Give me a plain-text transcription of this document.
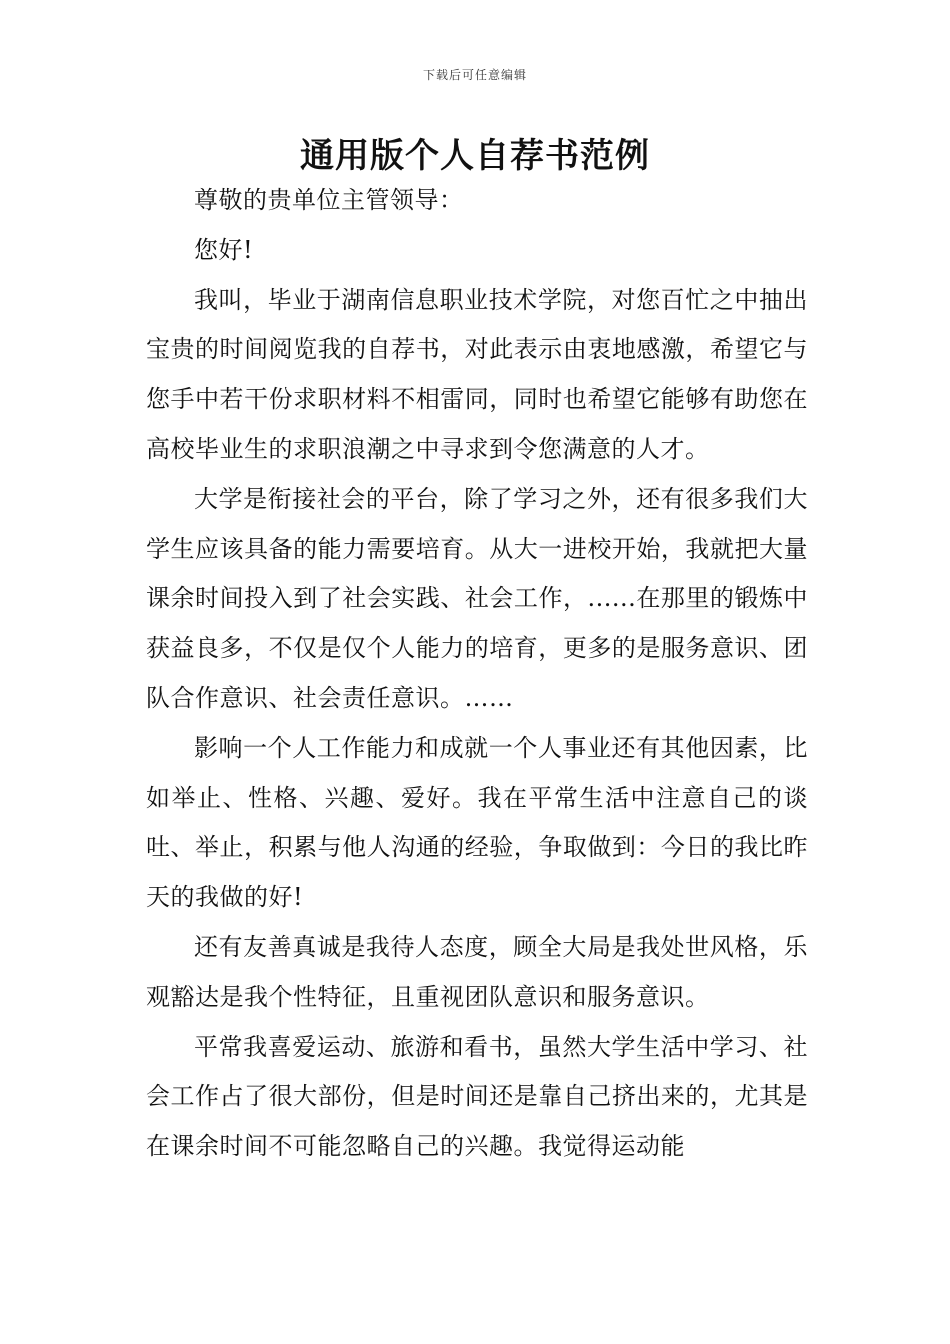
下载后可任意编辑
通用版个人自荐书范例

尊敬的贵单位主管领导：

您好!

我叫，毕业于湖南信息职业技术学院，对您百忙之中抽出宝贵的时间阅览我的自荐书，对此表示由衷地感激，希望它与您手中若干份求职材料不相雷同，同时也希望它能够有助您在高校毕业生的求职浪潮之中寻求到令您满意的人才。

大学是衔接社会的平台，除了学习之外，还有很多我们大学生应该具备的能力需要培育。从大一进校开始，我就把大量课余时间投入到了社会实践、社会工作，......在那里的锻炼中获益良多，不仅是仅个人能力的培育，更多的是服务意识、团队合作意识、社会责任意识。……

影响一个人工作能力和成就一个人事业还有其他因素，比如举止、性格、兴趣、爱好。我在平常生活中注意自己的谈吐、举止，积累与他人沟通的经验，争取做到：今日的我比昨天的我做的好!

还有友善真诚是我待人态度，顾全大局是我处世风格，乐观豁达是我个性特征，且重视团队意识和服务意识。

平常我喜爱运动、旅游和看书，虽然大学生活中学习、社会工作占了很大部份，但是时间还是靠自己挤出来的，尤其是在课余时间不可能忽略自己的兴趣。我觉得运动能
